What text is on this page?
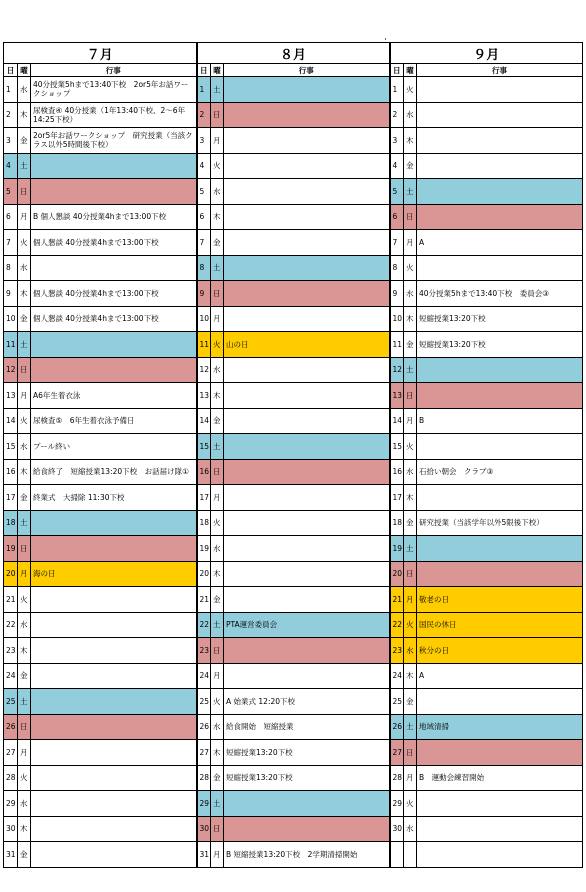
７月			８月			９月		
日	曜	行事	日	曜	行事	日	曜	行事
1	水	40分授業5hまで13:40下校　2or5年お話ワークショップ	1	土		1	火	
2	木	尿検査④ 40分授業（1年13:40下校、2～6年14:25下校）	2	日		2	水	
3	金	2or5年お話ワークショップ　研究授業（当該クラス以外5時間後下校）	3	月		3	木	
4	土		4	火		4	金	
5	日		5	水		5	土	
6	月	B 個人懇談 40分授業4hまで13:00下校	6	木		6	日	
7	火	個人懇談 40分授業4hまで13:00下校	7	金		7	月	A
8	水		8	土		8	火	
9	木	個人懇談 40分授業4hまで13:00下校	9	日		9	水	40分授業5hまで13:40下校　委員会③
10	金	個人懇談 40分授業4hまで13:00下校	10	月		10	木	短縮授業13:20下校
11	土		11	火	山の日	11	金	短縮授業13:20下校
12	日		12	水		12	土	
13	月	A6年生着衣泳	13	木		13	日	
14	火	尿検査⑤　6年生着衣泳予備日	14	金		14	月	B
15	水	プール終い	15	土		15	火	
16	木	給食終了　短縮授業13:20下校　お話届け隊①	16	日		16	水	石拾い朝会　クラブ③
17	金	終業式　大掃除 11:30下校	17	月		17	木	
18	土		18	火		18	金	研究授業（当該学年以外5限後下校）
19	日		19	水		19	土	
20	月	海の日	20	木		20	日	
21	火		21	金		21	月	敬老の日
22	水		22	土	PTA運営委員会	22	火	国民の休日
23	木		23	日		23	水	秋分の日
24	金		24	月		24	木	A
25	土		25	火	A 始業式 12:20下校	25	金	
26	日		26	水	給食開始　短縮授業	26	土	地域清掃
27	月		27	木	短縮授業13:20下校	27	日	
28	火		28	金	短縮授業13:20下校	28	月	B　運動会練習開始
29	水		29	土		29	火	
30	木		30	日		30	水	
31	金		31	月	B 短縮授業13:20下校　2学期清掃開始			
